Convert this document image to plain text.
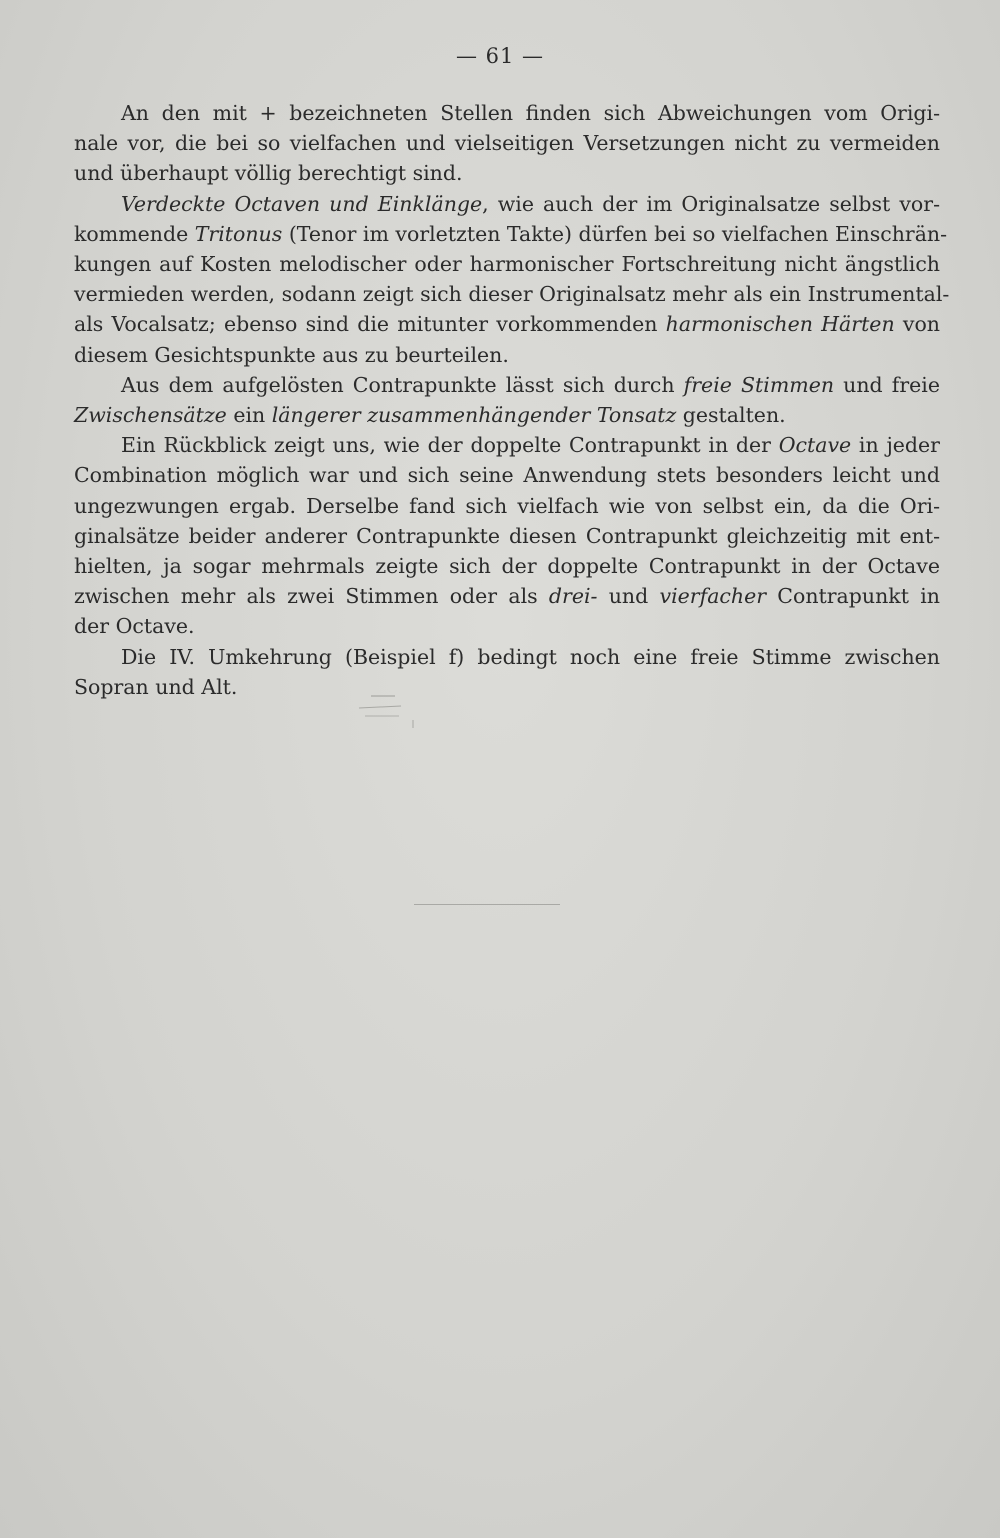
— 61 —

An den mit + bezeichneten Stellen finden sich Abweichungen vom Origi-
nale vor, die bei so vielfachen und vielseitigen Versetzungen nicht zu vermeiden
und überhaupt völlig berechtigt sind.

Verdeckte Octaven und Einklänge, wie auch der im Originalsatze selbst vor-
kommende Tritonus (Tenor im vorletzten Takte) dürfen bei so vielfachen Einschrän-
kungen auf Kosten melodischer oder harmonischer Fortschreitung nicht ängstlich
vermieden werden, sodann zeigt sich dieser Originalsatz mehr als ein Instrumental-
als Vocalsatz; ebenso sind die mitunter vorkommenden harmonischen Härten von
diesem Gesichtspunkte aus zu beurteilen.

Aus dem aufgelösten Contrapunkte lässt sich durch freie Stimmen und freie
Zwischensätze ein längerer zusammenhängender Tonsatz gestalten.

Ein Rückblick zeigt uns, wie der doppelte Contrapunkt in der Octave in jeder
Combination möglich war und sich seine Anwendung stets besonders leicht und
ungezwungen ergab. Derselbe fand sich vielfach wie von selbst ein, da die Ori-
ginalsätze beider anderer Contrapunkte diesen Contrapunkt gleichzeitig mit ent-
hielten, ja sogar mehrmals zeigte sich der doppelte Contrapunkt in der Octave
zwischen mehr als zwei Stimmen oder als drei- und vierfacher Contrapunkt in
der Octave.

Die IV. Umkehrung (Beispiel f) bedingt noch eine freie Stimme zwischen
Sopran und Alt.
